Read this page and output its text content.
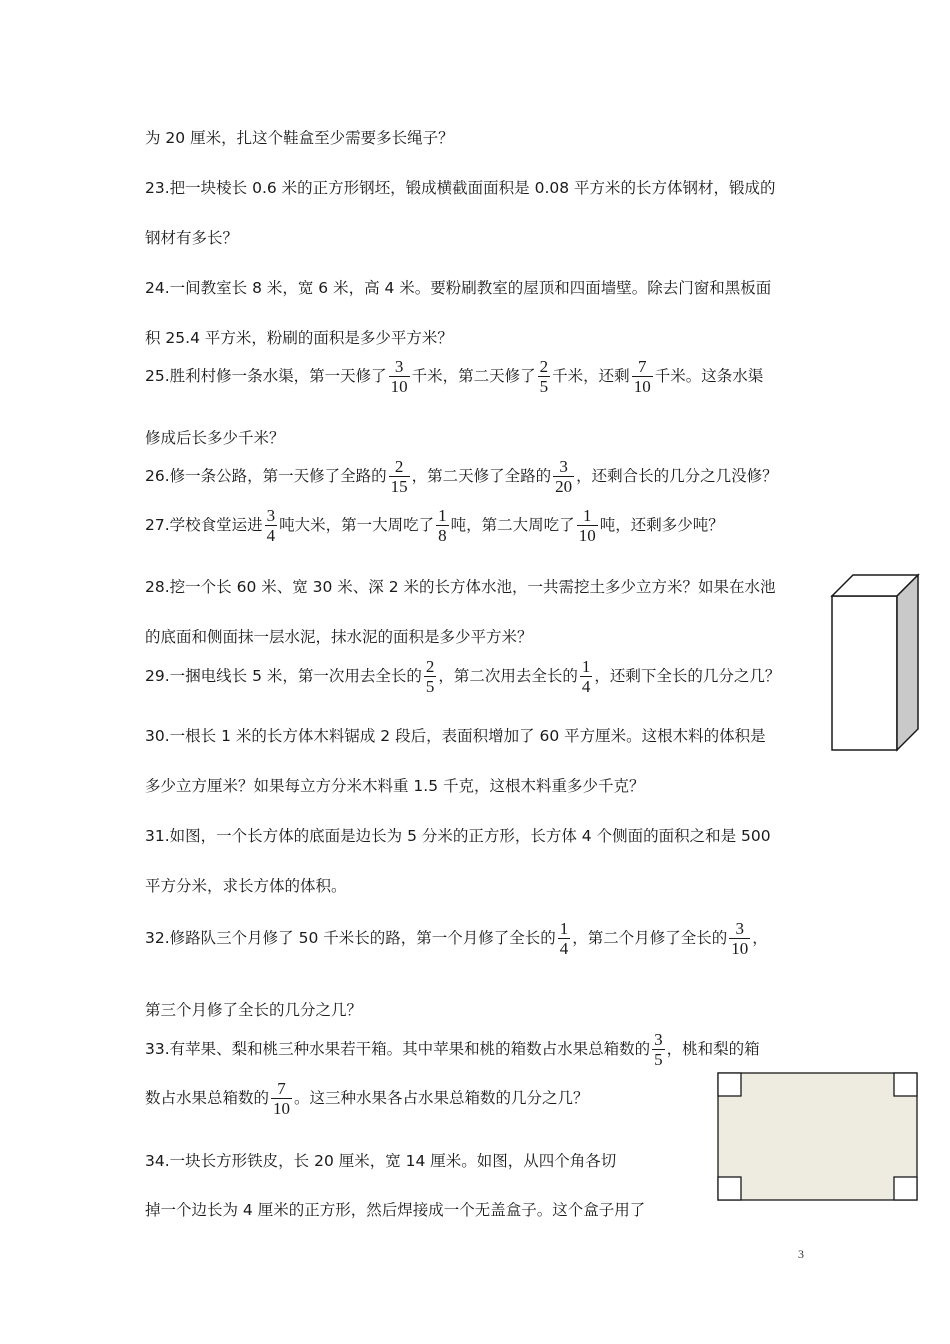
为 20 厘米，扎这个鞋盒至少需要多长绳子？
23.把一块棱长 0.6 米的正方形钢坯，锻成横截面面积是 0.08 平方米的长方体钢材，锻成的
钢材有多长？
24.一间教室长 8 米，宽 6 米，高 4 米。要粉刷教室的屋顶和四面墙壁。除去门窗和黑板面
积 25.4 平方米，粉刷的面积是多少平方米？
25.胜利村修一条水渠，第一天修了 $\frac{3}{10}$ 千米，第二天修了 $\frac{2}{5}$ 千米，还剩 $\frac{7}{10}$ 千米。这条水渠
修成后长多少千米？
26.修一条公路，第一天修了全路的 $\frac{2}{15}$ ，第二天修了全路的 $\frac{3}{20}$ ，还剩合长的几分之几没修？
27.学校食堂运进 $\frac{3}{4}$ 吨大米，第一大周吃了 $\frac{1}{8}$ 吨，第二大周吃了 $\frac{1}{10}$ 吨，还剩多少吨？
28.挖一个长 60 米、宽 30 米、深 2 米的长方体水池，一共需挖土多少立方米？如果在水池
的底面和侧面抹一层水泥，抹水泥的面积是多少平方米？
29.一捆电线长 5 米，第一次用去全长的 $\frac{2}{5}$ ，第二次用去全长的 $\frac{1}{4}$ ，还剩下全长的几分之几？
30.一根长 1 米的长方体木料锯成 2 段后，表面积增加了 60 平方厘米。这根木料的体积是
多少立方厘米？如果每立方分米木料重 1.5 千克，这根木料重多少千克？
31.如图，一个长方体的底面是边长为 5 分米的正方形，长方体 4 个侧面的面积之和是 500
平方分米，求长方体的体积。
32.修路队三个月修了 50 千米长的路，第一个月修了全长的 $\frac{1}{4}$ ，第二个月修了全长的 $\frac{3}{10}$ ，
第三个月修了全长的几分之几？
33.有苹果、梨和桃三种水果若干箱。其中苹果和桃的箱数占水果总箱数的 $\frac{3}{5}$ ，桃和梨的箱
数占水果总箱数的 $\frac{7}{10}$ 。这三种水果各占水果总箱数的几分之几？
34.一块长方形铁皮，长 20 厘米，宽 14 厘米。如图，从四个角各切
掉一个边长为 4 厘米的正方形，然后焊接成一个无盖盒子。这个盒子用了
3
